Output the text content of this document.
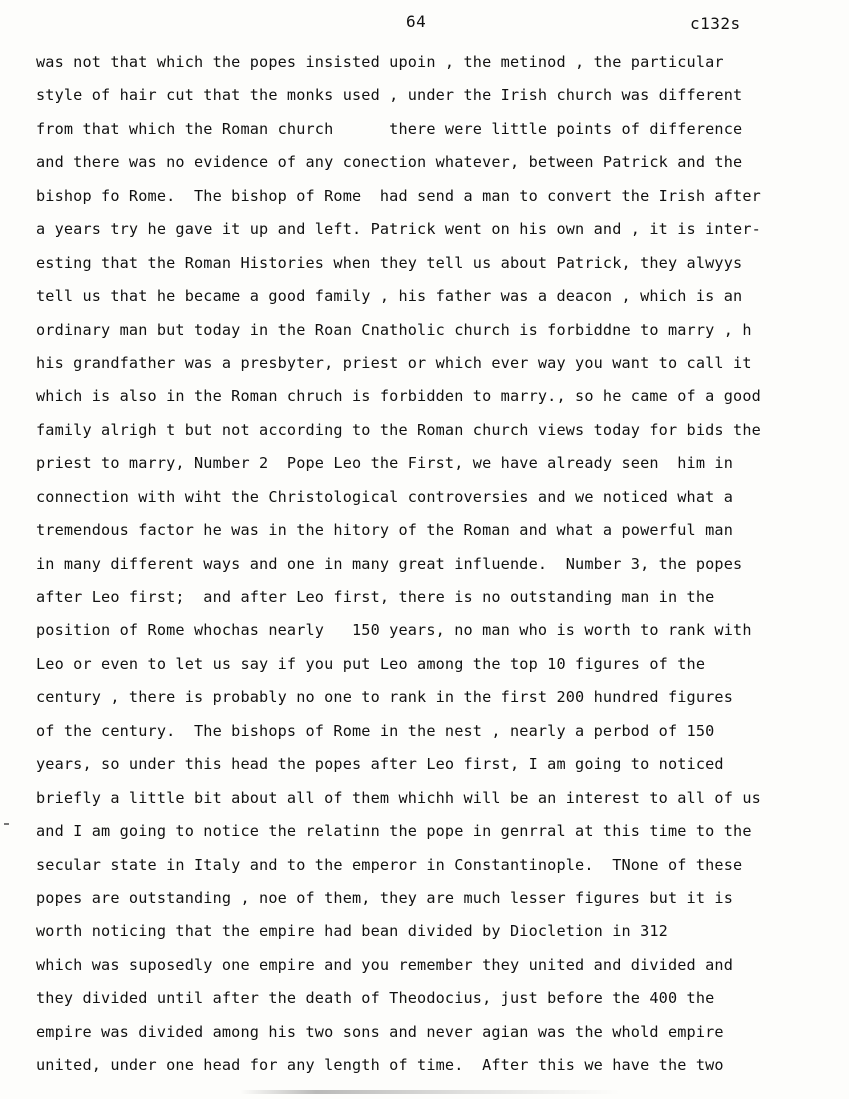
64	c132s
was not that which the popes insisted upoin , the metinod , the particular
style of hair cut that the monks used , under the Irish church was different
from that which the Roman church      there were little points of difference
and there was no evidence of any conection whatever, between Patrick and the
bishop fo Rome.  The bishop of Rome  had send a man to convert the Irish after
a years try he gave it up and left. Patrick went on his own and , it is inter-
esting that the Roman Histories when they tell us about Patrick, they alwyys
tell us that he became a good family , his father was a deacon , which is an
ordinary man but today in the Roan Cnatholic church is forbiddne to marry , h
his grandfather was a presbyter, priest or which ever way you want to call it
which is also in the Roman chruch is forbidden to marry., so he came of a good
family alrigh t but not according to the Roman church views today for bids the
priest to marry, Number 2  Pope Leo the First, we have already seen  him in
connection with wiht the Christological controversies and we noticed what a
tremendous factor he was in the hitory of the Roman and what a powerful man
in many different ways and one in many great influende.  Number 3, the popes
after Leo first;  and after Leo first, there is no outstanding man in the
position of Rome whochas nearly   150 years, no man who is worth to rank with
Leo or even to let us say if you put Leo among the top 10 figures of the
century , there is probably no one to rank in the first 200 hundred figures
of the century.  The bishops of Rome in the nest , nearly a perbod of 150
years, so under this head the popes after Leo first, I am going to noticed
briefly a little bit about all of them whichh will be an interest to all of us
and I am going to notice the relatinn the pope in genrral at this time to the
secular state in Italy and to the emperor in Constantinople.  TNone of these
popes are outstanding , noe of them, they are much lesser figures but it is
worth noticing that the empire had bean divided by Diocletion in 312
which was suposedly one empire and you remember they united and divided and
they divided until after the death of Theodocius, just before the 400 the
empire was divided among his two sons and never agian was the whold empire
united, under one head for any length of time.  After this we have the two
